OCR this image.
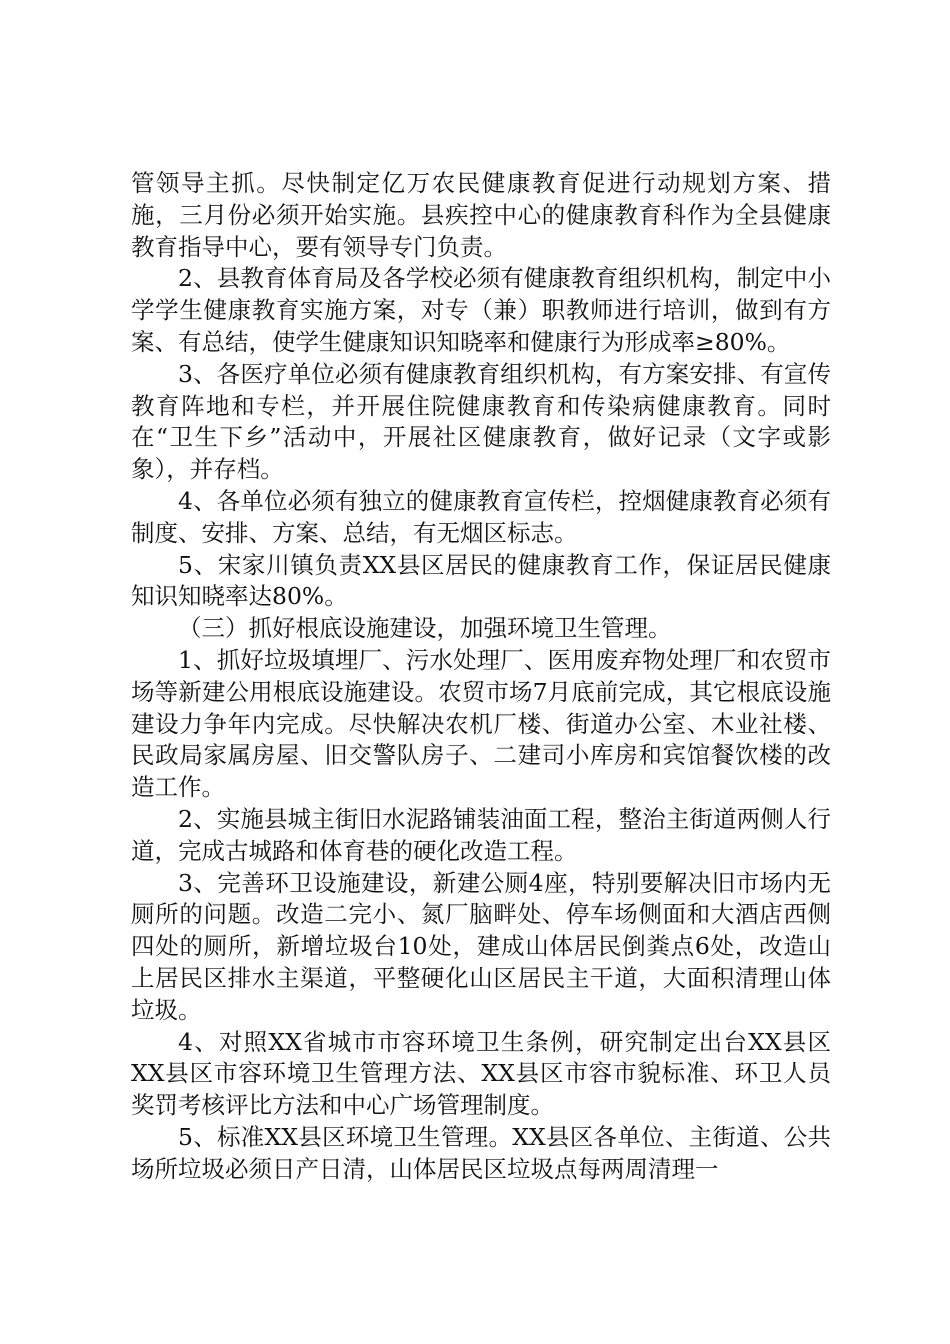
管领导主抓。尽快制定亿万农民健康教育促进行动规划方案、措施，三月份必须开始实施。县疾控中心的健康教育科作为全县健康教育指导中心，要有领导专门负责。

2、县教育体育局及各学校必须有健康教育组织机构，制定中小学学生健康教育实施方案，对专（兼）职教师进行培训，做到有方案、有总结，使学生健康知识知晓率和健康行为形成率≥80%。

3、各医疗单位必须有健康教育组织机构，有方案安排、有宣传教育阵地和专栏，并开展住院健康教育和传染病健康教育。同时在“卫生下乡”活动中，开展社区健康教育，做好记录（文字或影象），并存档。

4、各单位必须有独立的健康教育宣传栏，控烟健康教育必须有制度、安排、方案、总结，有无烟区标志。

5、宋家川镇负责XX县区居民的健康教育工作，保证居民健康知识知晓率达80%。

（三）抓好根底设施建设，加强环境卫生管理。

1、抓好垃圾填埋厂、污水处理厂、医用废弃物处理厂和农贸市场等新建公用根底设施建设。农贸市场7月底前完成，其它根底设施建设力争年内完成。尽快解决农机厂楼、街道办公室、木业社楼、民政局家属房屋、旧交警队房子、二建司小库房和宾馆餐饮楼的改造工作。

2、实施县城主街旧水泥路铺装油面工程，整治主街道两侧人行道，完成古城路和体育巷的硬化改造工程。

3、完善环卫设施建设，新建公厕4座，特别要解决旧市场内无厕所的问题。改造二完小、氮厂脑畔处、停车场侧面和大酒店西侧四处的厕所，新增垃圾台10处，建成山体居民倒粪点6处，改造山上居民区排水主渠道，平整硬化山区居民主干道，大面积清理山体垃圾。

4、对照XX省城市市容环境卫生条例，研究制定出台XX县区XX县区市容环境卫生管理方法、XX县区市容市貌标准、环卫人员奖罚考核评比方法和中心广场管理制度。

5、标准XX县区环境卫生管理。XX县区各单位、主街道、公共场所垃圾必须日产日清，山体居民区垃圾点每两周清理一
